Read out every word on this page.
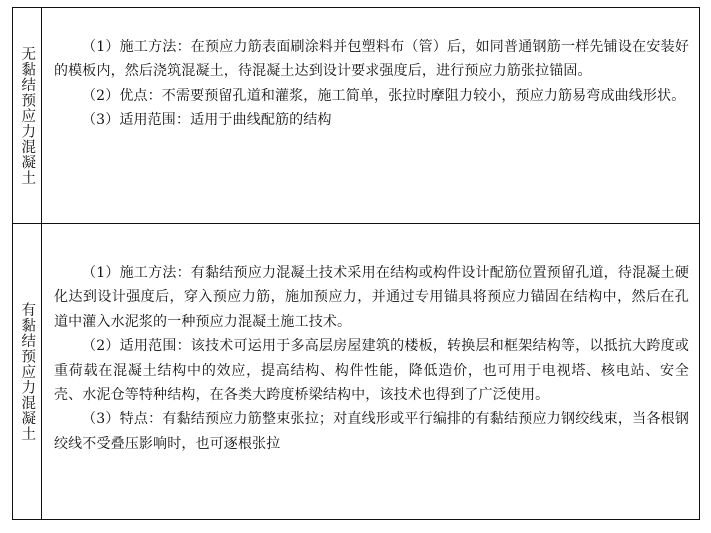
无黏结预应力混凝土	（1）施工方法：在预应力筋表面刷涂料并包塑料布（管）后，如同普通钢筋一样先铺设在安装好的模板内，然后浇筑混凝土，待混凝土达到设计要求强度后，进行预应力筋张拉锚固。

（2）优点：不需要预留孔道和灌浆，施工简单，张拉时摩阻力较小，预应力筋易弯成曲线形状。

（3）适用范围：适用于曲线配筋的结构

有黏结预应力混凝土

（1）施工方法：有黏结预应力混凝土技术采用在结构或构件设计配筋位置预留孔道，待混凝土硬化达到设计强度后，穿入预应力筋，施加预应力，并通过专用锚具将预应力锚固在结构中，然后在孔道中灌入水泥浆的一种预应力混凝土施工技术。

（2）适用范围：该技术可运用于多高层房屋建筑的楼板，转换层和框架结构等，以抵抗大跨度或重荷载在混凝土结构中的效应，提高结构、构件性能，降低造价，也可用于电视塔、核电站、安全壳、水泥仓等特种结构，在各类大跨度桥梁结构中，该技术也得到了广泛使用。

（3）特点：有黏结预应力筋整束张拉；对直线形或平行编排的有黏结预应力钢绞线束，当各根钢绞线不受叠压影响时，也可逐根张拉
